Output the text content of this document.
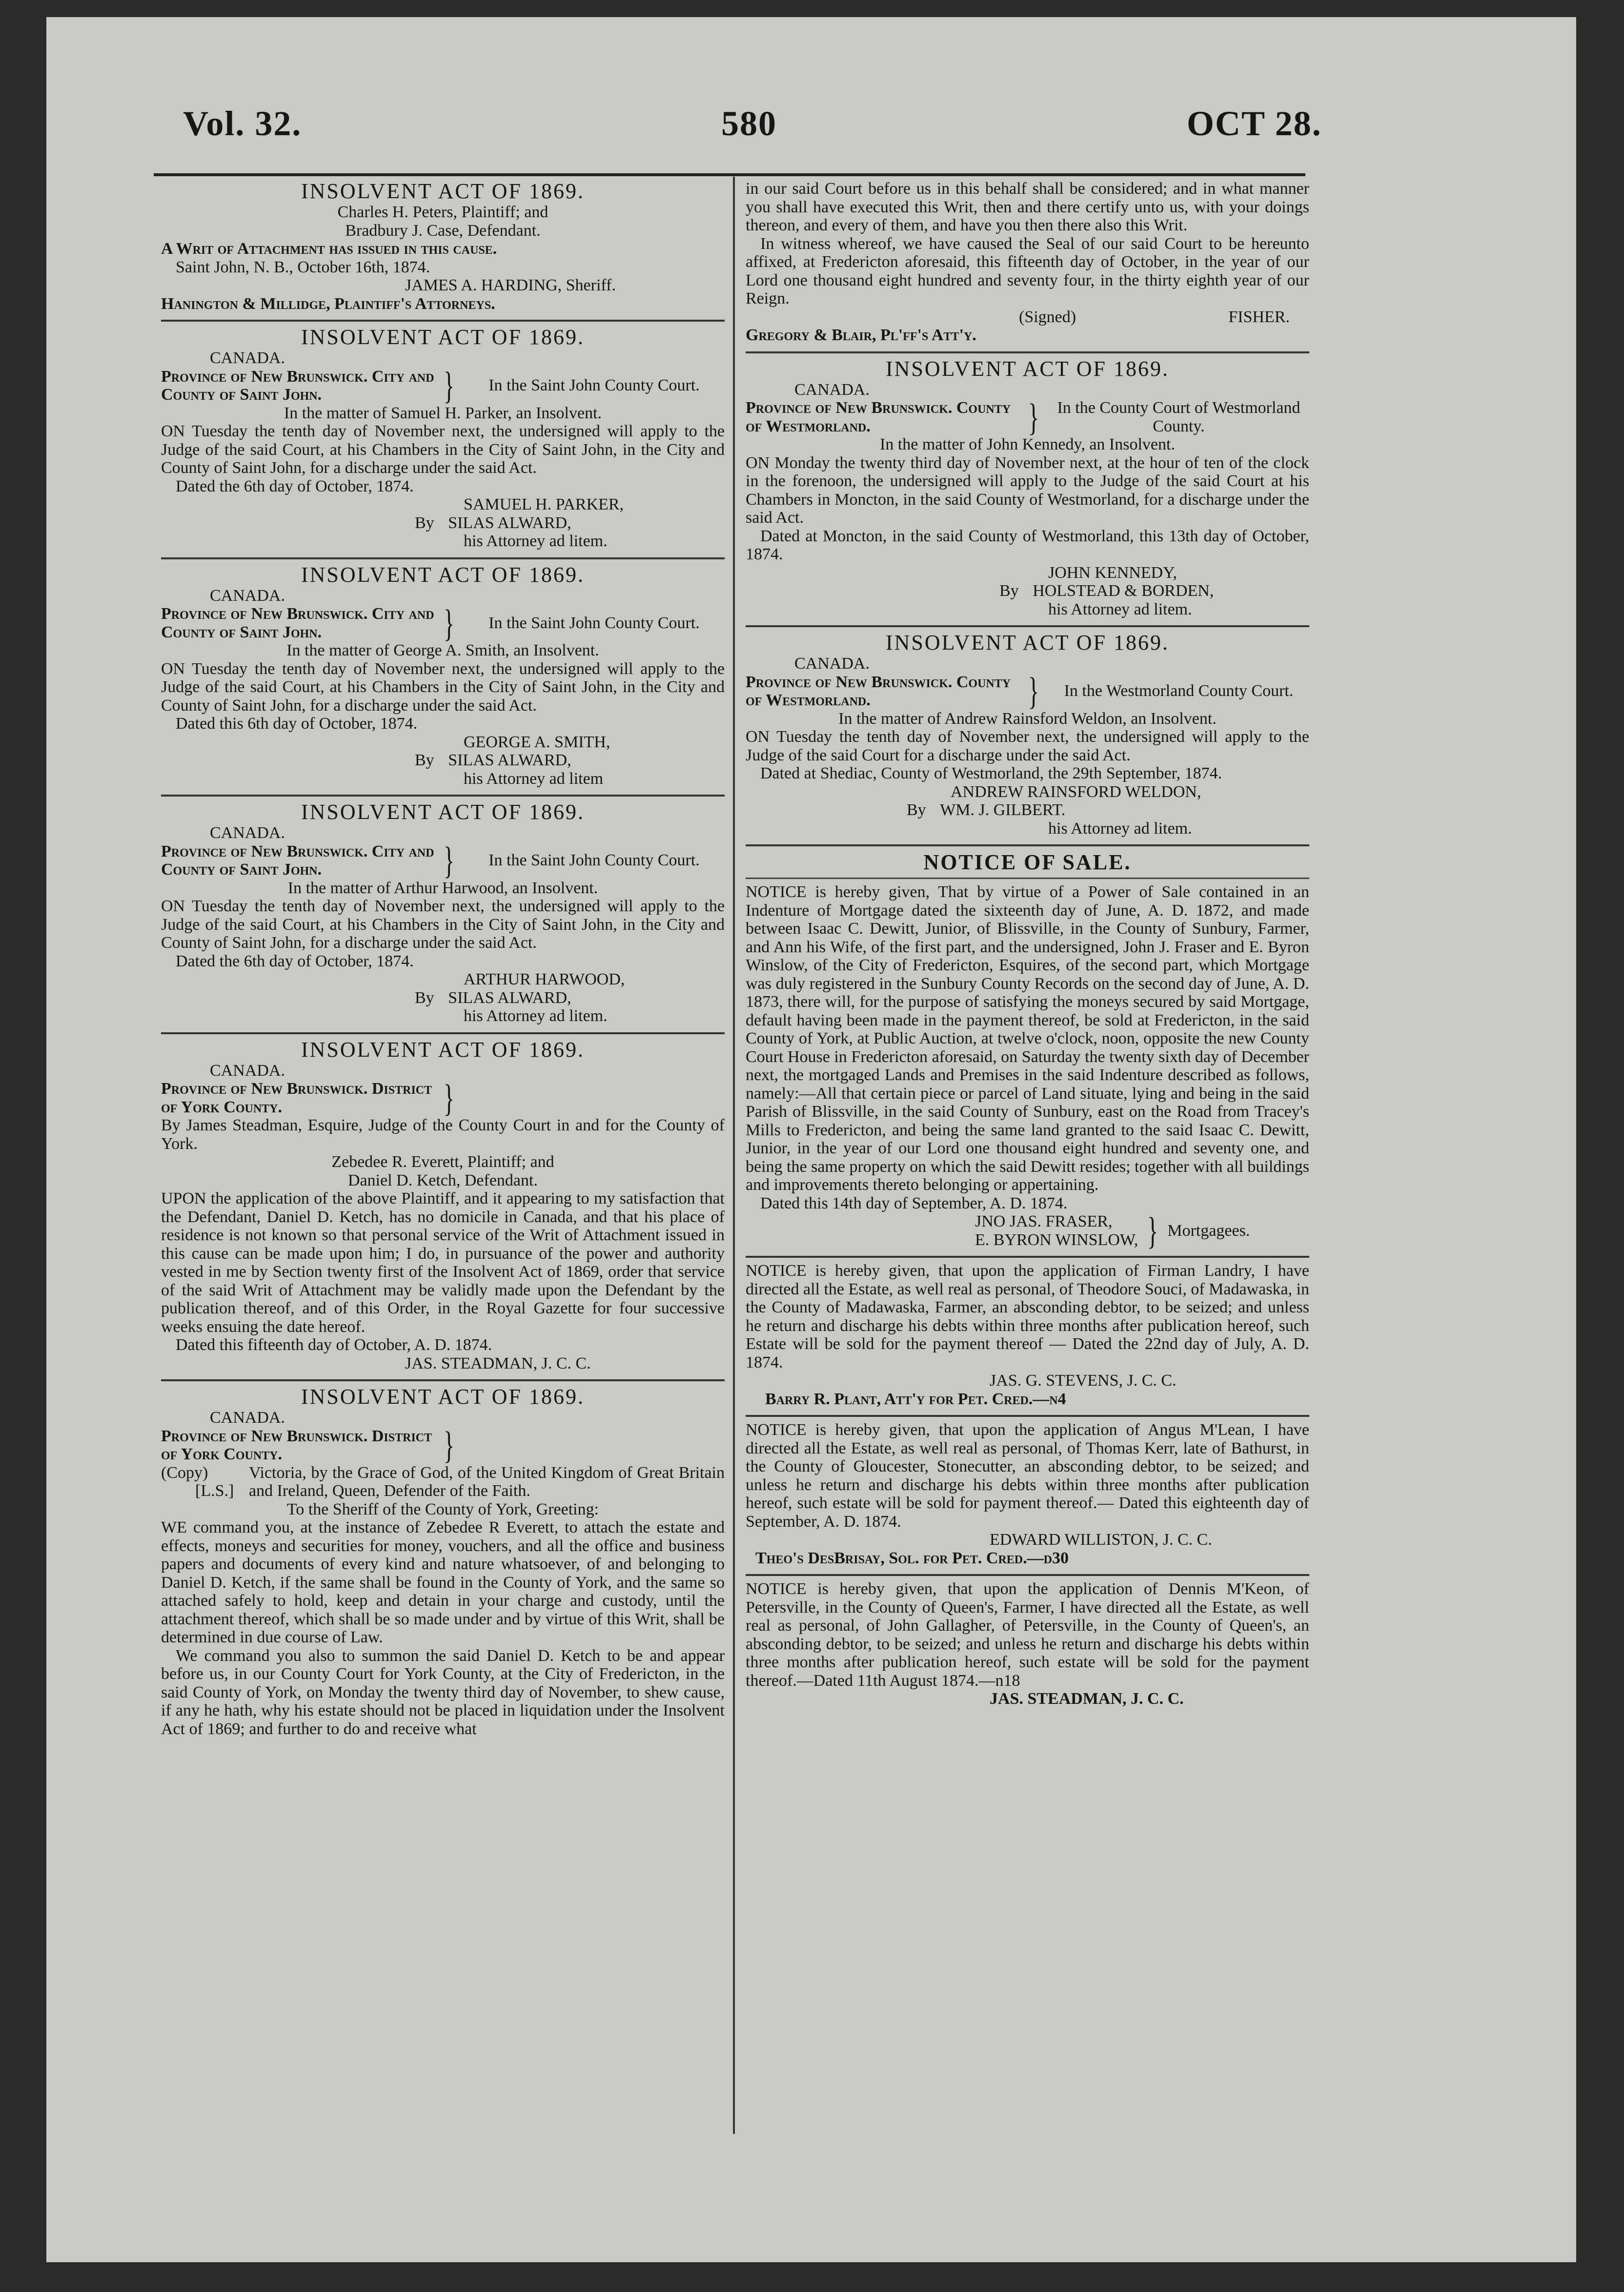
Vol. 32.	580	OCT 28.
INSOLVENT ACT OF 1869.
Charles H. Peters, Plaintiff; and
Bradbury J. Case, Defendant.
A Writ of Attachment has issued in this cause.
Saint John, N. B., October 16th, 1874.
JAMES A. HARDING, Sheriff.
Hanington & Millidge, Plaintiff's Attorneys.
INSOLVENT ACT OF 1869.
CANADA.
Province of New Brunswick. City and County of Saint John.	}	In the Saint John County Court.
In the matter of Samuel H. Parker, an Insolvent.
ON Tuesday the tenth day of November next, the undersigned will apply to the Judge of the said Court, at his Chambers in the City of Saint John, in the City and County of Saint John, for a discharge under the said Act.
Dated the 6th day of October, 1874.
SAMUEL H. PARKER,
By SILAS ALWARD,
his Attorney ad litem.
INSOLVENT ACT OF 1869.
CANADA.
Province of New Brunswick. City and County of Saint John.	}	In the Saint John County Court.
In the matter of George A. Smith, an Insolvent.
ON Tuesday the tenth day of November next, the undersigned will apply to the Judge of the said Court, at his Chambers in the City of Saint John, in the City and County of Saint John, for a discharge under the said Act.
Dated this 6th day of October, 1874.
GEORGE A. SMITH,
By SILAS ALWARD,
his Attorney ad litem
INSOLVENT ACT OF 1869.
CANADA.
Province of New Brunswick. City and County of Saint John.	}	In the Saint John County Court.
In the matter of Arthur Harwood, an Insolvent.
ON Tuesday the tenth day of November next, the undersigned will apply to the Judge of the said Court, at his Chambers in the City of Saint John, in the City and County of Saint John, for a discharge under the said Act.
Dated the 6th day of October, 1874.
ARTHUR HARWOOD,
By SILAS ALWARD,
his Attorney ad litem.
INSOLVENT ACT OF 1869.
CANADA.
Province of New Brunswick. District of York County.	}
By James Steadman, Esquire, Judge of the County Court in and for the County of York.
Zebedee R. Everett, Plaintiff; and
Daniel D. Ketch, Defendant.
UPON the application of the above Plaintiff, and it appearing to my satisfaction that the Defendant, Daniel D. Ketch, has no domicile in Canada, and that his place of residence is not known so that personal service of the Writ of Attachment issued in this cause can be made upon him; I do, in pursuance of the power and authority vested in me by Section twenty first of the Insolvent Act of 1869, order that service of the said Writ of Attachment may be validly made upon the Defendant by the publication thereof, and of this Order, in the Royal Gazette for four successive weeks ensuing the date hereof.
Dated this fifteenth day of October, A. D. 1874.
JAS. STEADMAN, J. C. C.
INSOLVENT ACT OF 1869.
CANADA.
Province of New Brunswick. District of York County.	}
(Copy)
[L.S.]
Victoria, by the Grace of God, of the United Kingdom of Great Britain and Ireland, Queen, Defender of the Faith.
To the Sheriff of the County of York, Greeting:
WE command you, at the instance of Zebedee R Everett, to attach the estate and effects, moneys and securities for money, vouchers, and all the office and business papers and documents of every kind and nature whatsoever, of and belonging to Daniel D. Ketch, if the same shall be found in the County of York, and the same so attached safely to hold, keep and detain in your charge and custody, until the attachment thereof, which shall be so made under and by virtue of this Writ, shall be determined in due course of Law.
We command you also to summon the said Daniel D. Ketch to be and appear before us, in our County Court for York County, at the City of Fredericton, in the said County of York, on Monday the twenty third day of November, to shew cause, if any he hath, why his estate should not be placed in liquidation under the Insolvent Act of 1869; and further to do and receive what
in our said Court before us in this behalf shall be considered; and in what manner you shall have executed this Writ, then and there certify unto us, with your doings thereon, and every of them, and have you then there also this Writ.
In witness whereof, we have caused the Seal of our said Court to be hereunto affixed, at Fredericton aforesaid, this fifteenth day of October, in the year of our Lord one thousand eight hundred and seventy four, in the thirty eighth year of our Reign.
(Signed)	FISHER.
Gregory & Blair, Pl'ff's Att'y.
INSOLVENT ACT OF 1869.
CANADA.
Province of New Brunswick. County of Westmorland.	}	In the County Court of Westmorland County.
In the matter of John Kennedy, an Insolvent.
ON Monday the twenty third day of November next, at the hour of ten of the clock in the forenoon, the undersigned will apply to the Judge of the said Court at his Chambers in Moncton, in the said County of Westmorland, for a discharge under the said Act.
Dated at Moncton, in the said County of Westmorland, this 13th day of October, 1874.
JOHN KENNEDY,
By HOLSTEAD & BORDEN,
his Attorney ad litem.
INSOLVENT ACT OF 1869.
CANADA.
Province of New Brunswick. County of Westmorland.	}	In the Westmorland County Court.
In the matter of Andrew Rainsford Weldon, an Insolvent.
ON Tuesday the tenth day of November next, the undersigned will apply to the Judge of the said Court for a discharge under the said Act.
Dated at Shediac, County of Westmorland, the 29th September, 1874.
ANDREW RAINSFORD WELDON,
By WM. J. GILBERT.
his Attorney ad litem.
NOTICE OF SALE.
NOTICE is hereby given, That by virtue of a Power of Sale contained in an Indenture of Mortgage dated the sixteenth day of June, A. D. 1872, and made between Isaac C. Dewitt, Junior, of Blissville, in the County of Sunbury, Farmer, and Ann his Wife, of the first part, and the undersigned, John J. Fraser and E. Byron Winslow, of the City of Fredericton, Esquires, of the second part, which Mortgage was duly registered in the Sunbury County Records on the second day of June, A. D. 1873, there will, for the purpose of satisfying the moneys secured by said Mortgage, default having been made in the payment thereof, be sold at Fredericton, in the said County of York, at Public Auction, at twelve o'clock, noon, opposite the new County Court House in Fredericton aforesaid, on Saturday the twenty sixth day of December next, the mortgaged Lands and Premises in the said Indenture described as follows, namely:—All that certain piece or parcel of Land situate, lying and being in the said Parish of Blissville, in the said County of Sunbury, east on the Road from Tracey's Mills to Fredericton, and being the same land granted to the said Isaac C. Dewitt, Junior, in the year of our Lord one thousand eight hundred and seventy one, and being the same property on which the said Dewitt resides; together with all buildings and improvements thereto belonging or appertaining.
Dated this 14th day of September, A. D. 1874.
JNO JAS. FRASER,
E. BYRON WINSLOW, } Mortgagees.
NOTICE is hereby given, that upon the application of Firman Landry, I have directed all the Estate, as well real as personal, of Theodore Souci, of Madawaska, in the County of Madawaska, Farmer, an absconding debtor, to be seized; and unless he return and discharge his debts within three months after publication hereof, such Estate will be sold for the payment thereof — Dated the 22nd day of July, A. D. 1874.
JAS. G. STEVENS, J. C. C.
Barry R. Plant, Att'y for Pet. Cred.—n4
NOTICE is hereby given, that upon the application of Angus M'Lean, I have directed all the Estate, as well real as personal, of Thomas Kerr, late of Bathurst, in the County of Gloucester, Stonecutter, an absconding debtor, to be seized; and unless he return and discharge his debts within three months after publication hereof, such estate will be sold for payment thereof.— Dated this eighteenth day of September, A. D. 1874.
EDWARD WILLISTON, J. C. C.
Theo's DesBrisay, Sol. for Pet. Cred.—d30
NOTICE is hereby given, that upon the application of Dennis M'Keon, of Petersville, in the County of Queen's, Farmer, I have directed all the Estate, as well real as personal, of John Gallagher, of Petersville, in the County of Queen's, an absconding debtor, to be seized; and unless he return and discharge his debts within three months after publication hereof, such estate will be sold for the payment thereof.—Dated 11th August 1874.—n18
JAS. STEADMAN, J. C. C.
